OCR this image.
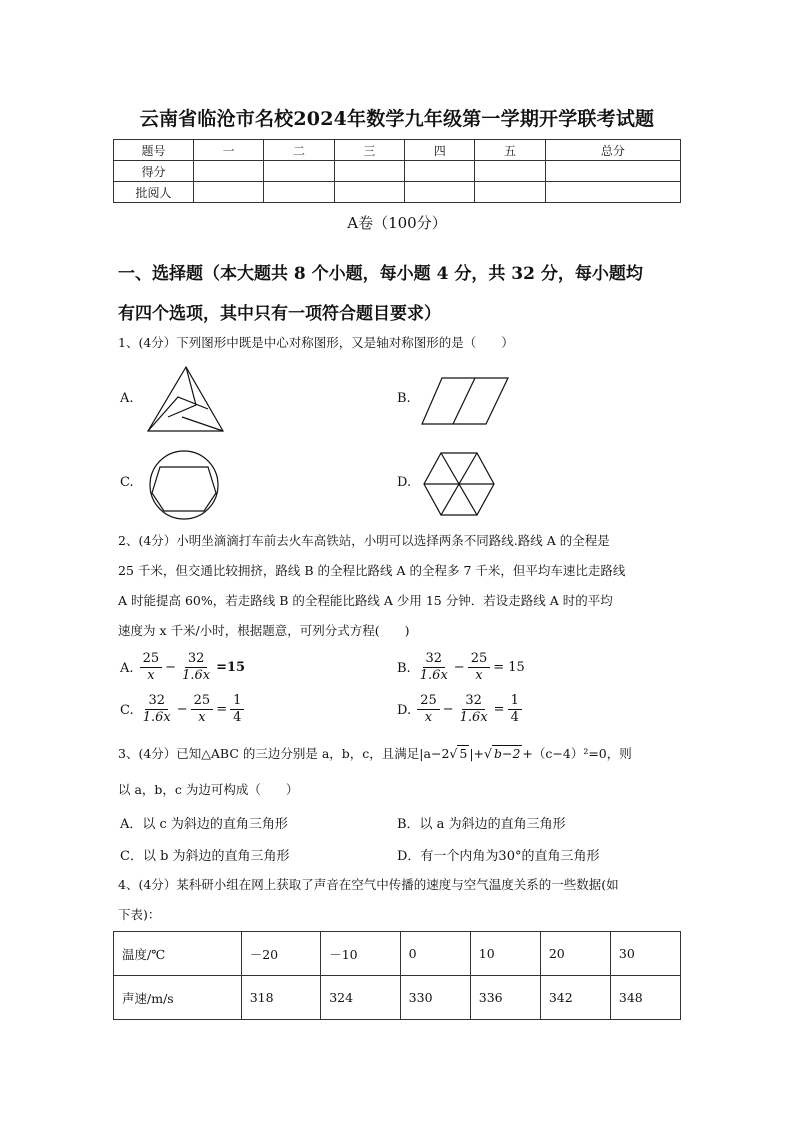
云南省临沧市名校2024年数学九年级第一学期开学联考试题
题号	一	二	三	四	五	总分
得分						
批阅人						
A卷（100分）
一、选择题（本大题共 8 个小题，每小题 4 分，共 32 分，每小题均
有四个选项，其中只有一项符合题目要求）
1、(4分）下列图形中既是中心对称图形，又是轴对称图形的是（　　）
A.	B.
C.	D.
2、(4分）小明坐滴滴打车前去火车高铁站，小明可以选择两条不同路线.路线 A 的全程是
25 千米，但交通比较拥挤，路线 B 的全程比路线 A 的全程多 7 千米，但平均车速比走路线
A 时能提高 60%，若走路线 B 的全程能比路线 A 少用 15 分钟．若设走路线 A 时的平均
速度为 x 千米/小时，根据题意，可列分式方程(　　)
A. $\frac{25}{x} - \frac{32}{1.6x} =15$	B. $\frac{32}{1.6x} - \frac{25}{x} = 15$
C. $\frac{32}{1.6x} - \frac{25}{x} = \frac{1}{4}$	D. $\frac{25}{x} - \frac{32}{1.6x} = \frac{1}{4}$
3、(4分）已知△ABC 的三边分别是 a，b，c，且满足|a−2√ 5 |+√ b−2 +（c−4）²=0，则
以 a，b，c 为边可构成（　　）
A．以 c 为斜边的直角三角形	B．以 a 为斜边的直角三角形
C．以 b 为斜边的直角三角形	D．有一个内角为30°的直角三角形
4、(4分）某科研小组在网上获取了声音在空气中传播的速度与空气温度关系的一些数据(如
下表)：
温度/℃	－20	－10	0	10	20	30
声速/m/s	318	324	330	336	342	348
